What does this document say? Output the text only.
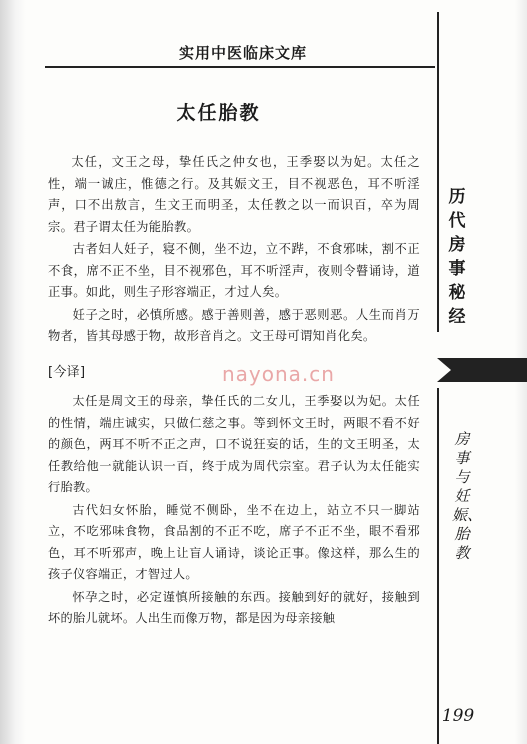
实用中医临床文库
太任胎教

太任，文王之母，挚任氏之仲女也，王季娶以为妃。太任之性，端一诚庄，惟德之行。及其娠文王，目不视恶色，耳不听淫声，口不出敖言，生文王而明圣，太任教之以一而识百，卒为周宗。君子谓太任为能胎教。

古者妇人妊子，寝不侧，坐不边，立不跸，不食邪味，割不正不食，席不正不坐，目不视邪色，耳不听淫声，夜则令瞽诵诗，道正事。如此，则生子形容端正，才过人矣。

妊子之时，必慎所感。感于善则善，感于恶则恶。人生而肖万物者，皆其母感于物，故形音肖之。文王母可谓知肖化矣。

[今译]

太任是周文王的母亲，挚任氏的二女儿，王季娶以为妃。太任的性情，端庄诚实，只做仁慈之事。等到怀文王时，两眼不看不好的颜色，两耳不听不正之声，口不说狂妄的话，生的文王明圣，太任教给他一就能认识一百，终于成为周代宗室。君子认为太任能实行胎教。

古代妇女怀胎，睡觉不侧卧，坐不在边上，站立不只一脚站立，不吃邪味食物，食品割的不正不吃，席子不正不坐，眼不看邪色，耳不听邪声，晚上让盲人诵诗，谈论正事。像这样，那么生的孩子仪容端正，才智过人。

怀孕之时，必定谨慎所接触的东西。接触到好的就好，接触到坏的胎儿就坏。人出生而像万物，都是因为母亲接触

nayona.cn
历代房事秘经
房事与妊娠、胎教
199
